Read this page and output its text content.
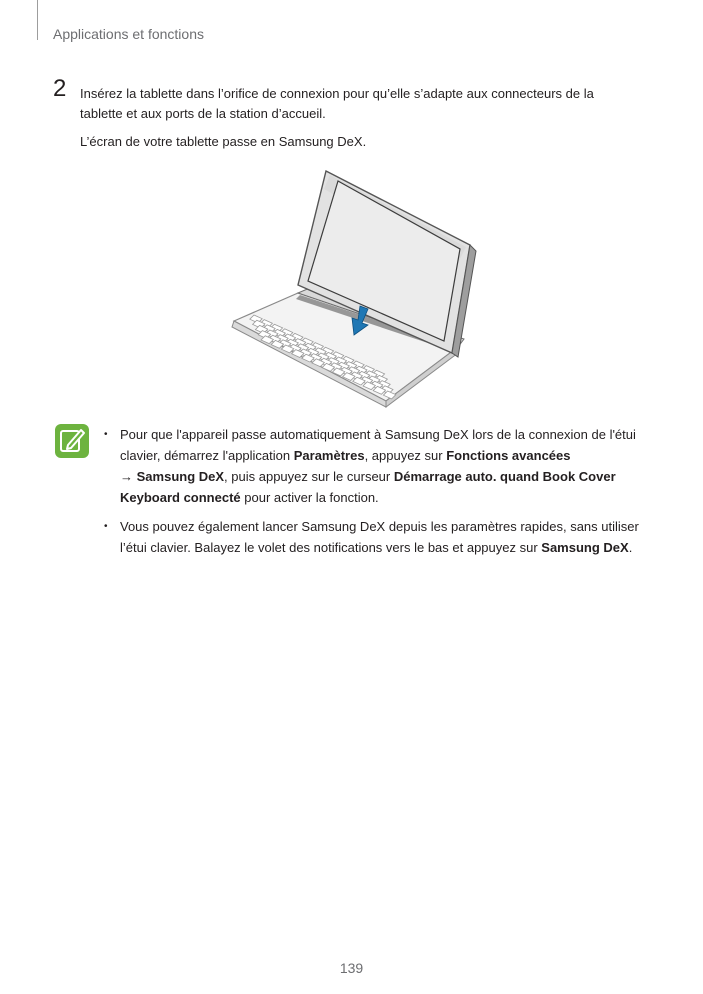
Applications et fonctions
2 Insérez la tablette dans l’orifice de connexion pour qu’elle s’adapte aux connecteurs de la tablette et aux ports de la station d’accueil.

L’écran de votre tablette passe en Samsung DeX.

• Pour que l'appareil passe automatiquement à Samsung DeX lors de la connexion de l'étui clavier, démarrez l'application Paramètres, appuyez sur Fonctions avancées
→ Samsung DeX, puis appuyez sur le curseur Démarrage auto. quand Book Cover Keyboard connecté pour activer la fonction.
• Vous pouvez également lancer Samsung DeX depuis les paramètres rapides, sans utiliser l’étui clavier. Balayez le volet des notifications vers le bas et appuyez sur Samsung DeX.
139
